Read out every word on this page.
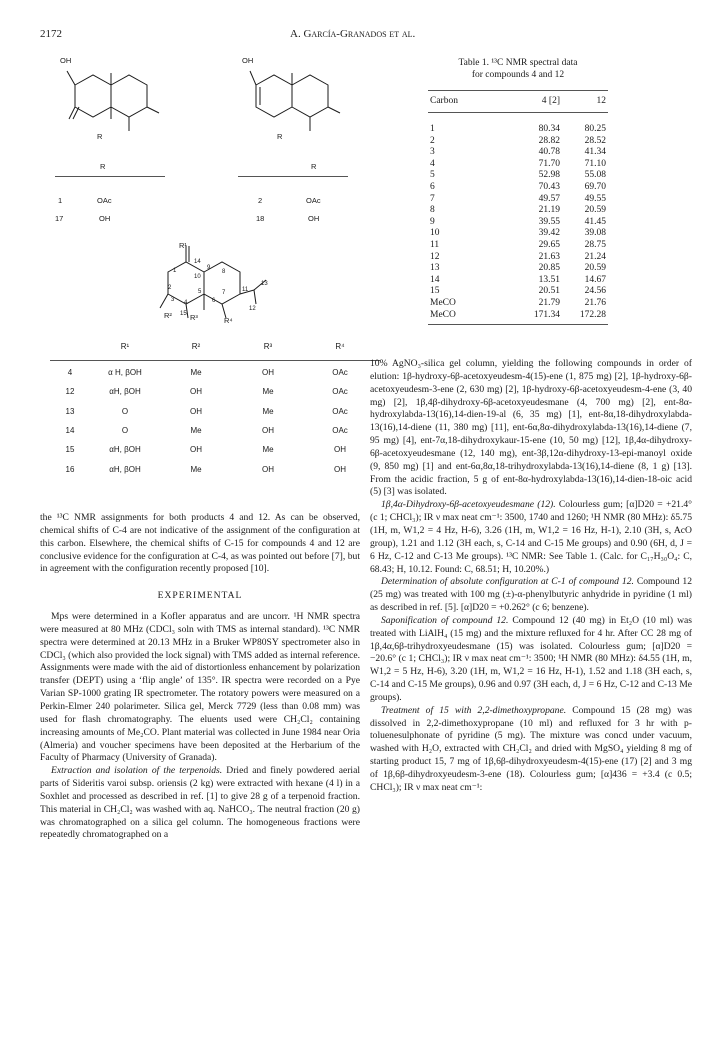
2172	A. García-Granados et al.
OH
R
OH
R
R
1	OAc
17	OH
R
2	OAc
18	OH
R¹
14
1
2
3 4
5
6
7
8
9
10
11
13
12
15
R² R³	R⁴
R¹	R²	R³	R⁴
4	α H, βOH	Me	OH	OAc
12	αH, βOH	OH	Me	OAc
13	O	OH	Me	OAc
14	O	Me	OH	OAc
15	αH, βOH	OH	Me	OH
16	αH, βOH	Me	OH	OH
Table 1. ¹³C NMR spectral data
for compounds 4 and 12
Carbon	4 [2]	12
1	80.34	80.25
2	28.82	28.52
3	40.78	41.34
4	71.70	71.10
5	52.98	55.08
6	70.43	69.70
7	49.57	49.55
8	21.19	20.59
9	39.55	41.45
10	39.42	39.08
11	29.65	28.75
12	21.63	21.24
13	20.85	20.59
14	13.51	14.67
15	20.51	24.56
MeCO	21.79	21.76
MeCO	171.34	172.28

the ¹³C NMR assignments for both products 4 and 12. As can be observed, chemical shifts of C-4 are not indicative of the assignment of the configuration at this carbon. Elsewhere, the chemical shifts of C-15 for compounds 4 and 12 are conclusive evidence for the configuration at C-4, as was pointed out before [7], but in agreement with the configuration recently proposed [10].

EXPERIMENTAL

Mps were determined in a Kofler apparatus and are uncorr. ¹H NMR spectra were measured at 80 MHz (CDCl₃ soln with TMS as internal standard). ¹³C NMR spectra were determined at 20.13 MHz in a Bruker WP80SY spectrometer also in CDCl₃ (which also provided the lock signal) with TMS added as internal reference. Assignments were made with the aid of distortionless enhancement by polarization transfer (DEPT) using a ‘flip angle’ of 135°. IR spectra were recorded on a Pye Varian SP-1000 grating IR spectrometer. The rotatory powers were measured on a Perkin-Elmer 240 polarimeter. Silica gel, Merck 7729 (less than 0.08 mm) was used for flash chromatography. The eluents used were CH₂Cl₂ containing increasing amounts of Me₂CO. Plant material was collected in June 1984 near Oria (Almeria) and voucher specimens have been deposited at the Herbarium of the Faculty of Pharmacy (University of Granada).

Extraction and isolation of the terpenoids. Dried and finely powdered aerial parts of Sideritis varoi subsp. oriensis (2 kg) were extracted with hexane (4 l) in a Soxhlet and processed as described in ref. [1] to give 28 g of a terpenoid fraction. This material in CH₂Cl₂ was washed with aq. NaHCO₃. The neutral fraction (20 g) was chromatographed on a silica gel column. The homogeneous fractions were repeatedly chromatographed on a

10% AgNO₃-silica gel column, yielding the following compounds in order of elution: 1β-hydroxy-6β-acetoxyeudesm-4(15)-ene (1, 875 mg) [2], 1β-hydroxy-6β-acetoxyeudesm-3-ene (2, 630 mg) [2], 1β-hydroxy-6β-acetoxyeudesm-4-ene (3, 40 mg) [2], 1β,4β-dihydroxy-6β-acetoxyeudesmane (4, 700 mg) [2], ent-8α-hydroxylabda-13(16),14-dien-19-al (6, 35 mg) [1], ent-8α,18-dihydroxylabda-13(16),14-diene (11, 380 mg) [11], ent-6α,8α-dihydroxylabda-13(16),14-diene (7, 95 mg) [4], ent-7α,18-dihydroxykaur-15-ene (10, 50 mg) [12], 1β,4α-dihydroxy-6β-acetoxyeudesmane (12, 140 mg), ent-3β,12α-dihydroxy-13-epi-manoyl oxide (9, 850 mg) [1] and ent-6α,8α,18-trihydroxylabda-13(16),14-diene (8, 1 g) [13]. From the acidic fraction, 5 g of ent-8α-hydroxylabda-13(16),14-dien-18-oic acid (5) [3] was isolated.

1β,4α-Dihydroxy-6β-acetoxyeudesmane (12). Colourless gum; [α]D20 = +21.4° (c 1; CHCl₃); IR ν max neat cm⁻¹: 3500, 1740 and 1260; ¹H NMR (80 MHz): δ5.75 (1H, m, W1,2 = 4 Hz, H-6), 3.26 (1H, m, W1,2 = 16 Hz, H-1), 2.10 (3H, s, AcO group), 1.21 and 1.12 (3H each, s, C-14 and C-15 Me groups) and 0.90 (6H, d, J = 6 Hz, C-12 and C-13 Me groups). ¹³C NMR: See Table 1. (Calc. for C₁₇H₃₀O₄: C, 68.43; H, 10.12. Found: C, 68.51; H, 10.20%.)

Determination of absolute configuration at C-1 of compound 12. Compound 12 (25 mg) was treated with 100 mg (±)-α-phenylbutyric anhydride in pyridine (1 ml) as described in ref. [5]. [α]D20 = +0.262° (c 6; benzene).

Saponification of compound 12. Compound 12 (40 mg) in Et₂O (10 ml) was treated with LiAlH₄ (15 mg) and the mixture refluxed for 4 hr. After CC 28 mg of 1β,4α,6β-trihydroxyeudesmane (15) was isolated. Colourless gum; [α]D20 = −20.6° (c 1; CHCl₃); IR ν max neat cm⁻¹: 3500; ¹H NMR (80 MHz): δ4.55 (1H, m, W1,2 = 5 Hz, H-6), 3.20 (1H, m, W1,2 = 16 Hz, H-1), 1.52 and 1.18 (3H each, s, C-14 and C-15 Me groups), 0.96 and 0.97 (3H each, d, J = 6 Hz, C-12 and C-13 Me groups).

Treatment of 15 with 2,2-dimethoxypropane. Compound 15 (28 mg) was dissolved in 2,2-dimethoxypropane (10 ml) and refluxed for 3 hr with p-toluenesulphonate of pyridine (5 mg). The mixture was concd under vacuum, washed with H₂O, extracted with CH₂Cl₂ and dried with MgSO₄ yielding 8 mg of starting product 15, 7 mg of 1β,6β-dihydroxyeudesm-4(15)-ene (17) [2] and 3 mg of 1β,6β-dihydroxyeudesm-3-ene (18). Colourless gum; [α]436 = +3.4 (c 0.5; CHCl₃); IR ν max neat cm⁻¹:
